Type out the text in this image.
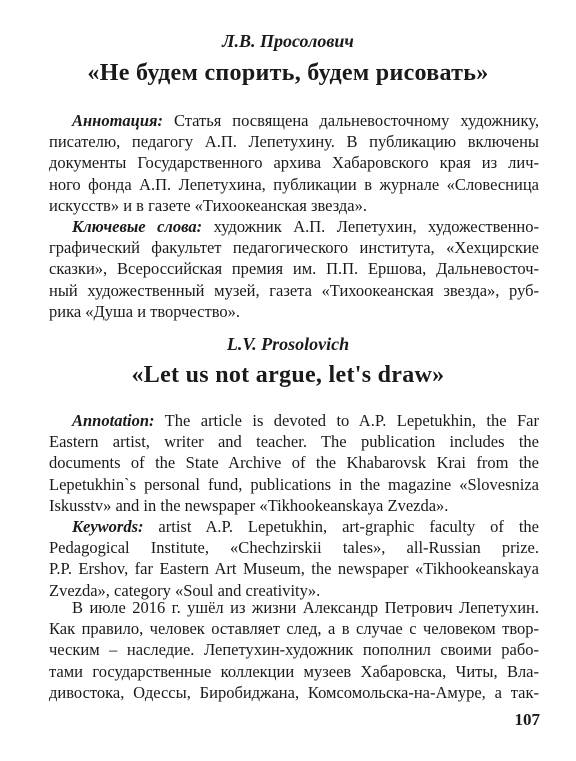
Л.В. Просолович
«Не будем спорить, будем рисовать»
Аннотация: Статья посвящена дальневосточному художнику,
писателю, педагогу А.П. Лепетухину. В публикацию включены
документы Государственного архива Хабаровского края из лич-
ного фонда А.П. Лепетухина, публикации в журнале «Словесница
искусств» и в газете «Тихоокеанская звезда».
Ключевые слова: художник А.П. Лепетухин, художественно-
графический факультет педагогического института, «Хехцирские
сказки», Всероссийская премия им. П.П. Ершова, Дальневосточ-
ный художественный музей, газета «Тихоокеанская звезда», руб-
рика «Душа и творчество».
L.V. Prosolovich
«Let us not argue, let's draw»
Annotation: The article is devoted to A.P. Lepetukhin, the Far
Eastern artist, writer and teacher. The publication includes the
documents of the State Archive of the Khabarovsk Krai from the
Lepetukhin`s personal fund, publications in the magazine «Slovesniza
Iskusstv» and in the newspaper «Tikhookeanskaya Zvezda».
Keywords: artist A.P. Lepetukhin, art-graphic faculty of the
Pedagogical Institute, «Chechzirskii tales», all-Russian prize.
P.P. Ershov, far Eastern Art Museum, the newspaper «Tikhookeanskaya
Zvezda», category «Soul and creativity».
В июле 2016 г. ушёл из жизни Александр Петрович Лепетухин.
Как правило, человек оставляет след, а в случае с человеком твор-
ческим – наследие. Лепетухин-художник пополнил своими рабо-
тами государственные коллекции музеев Хабаровска, Читы, Вла-
дивостока, Одессы, Биробиджана, Комсомольска-на-Амуре, а так-
107
